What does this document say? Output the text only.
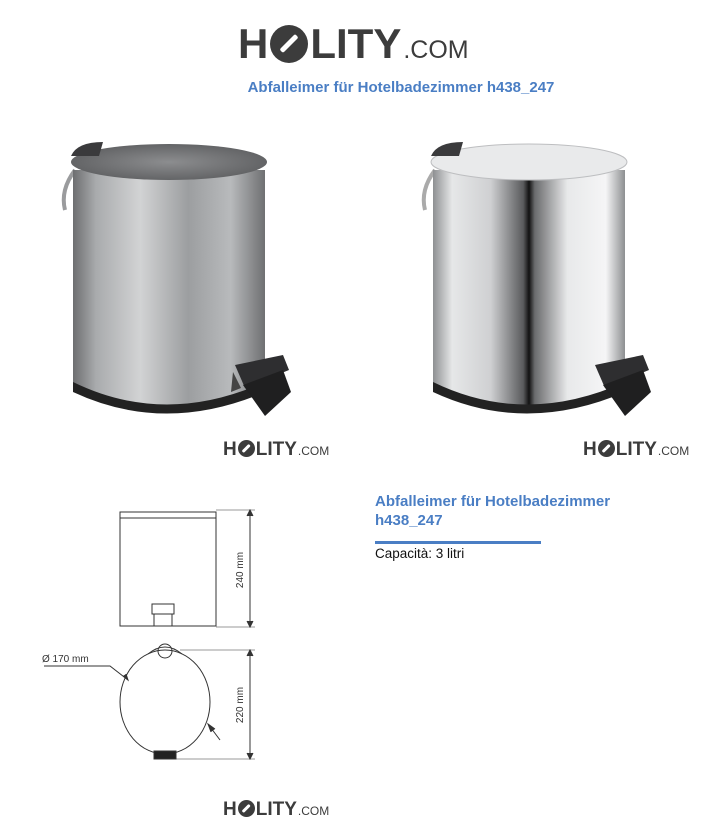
H LITY .COM
Abfalleimer für Hotelbadezimmer h438_247
H LITY .COM	H LITY .COM
240 mm
220 mm
Ø 170 mm
Abfalleimer für Hotelbadezimmer h438_247
Capacità: 3 litri
H LITY .COM
